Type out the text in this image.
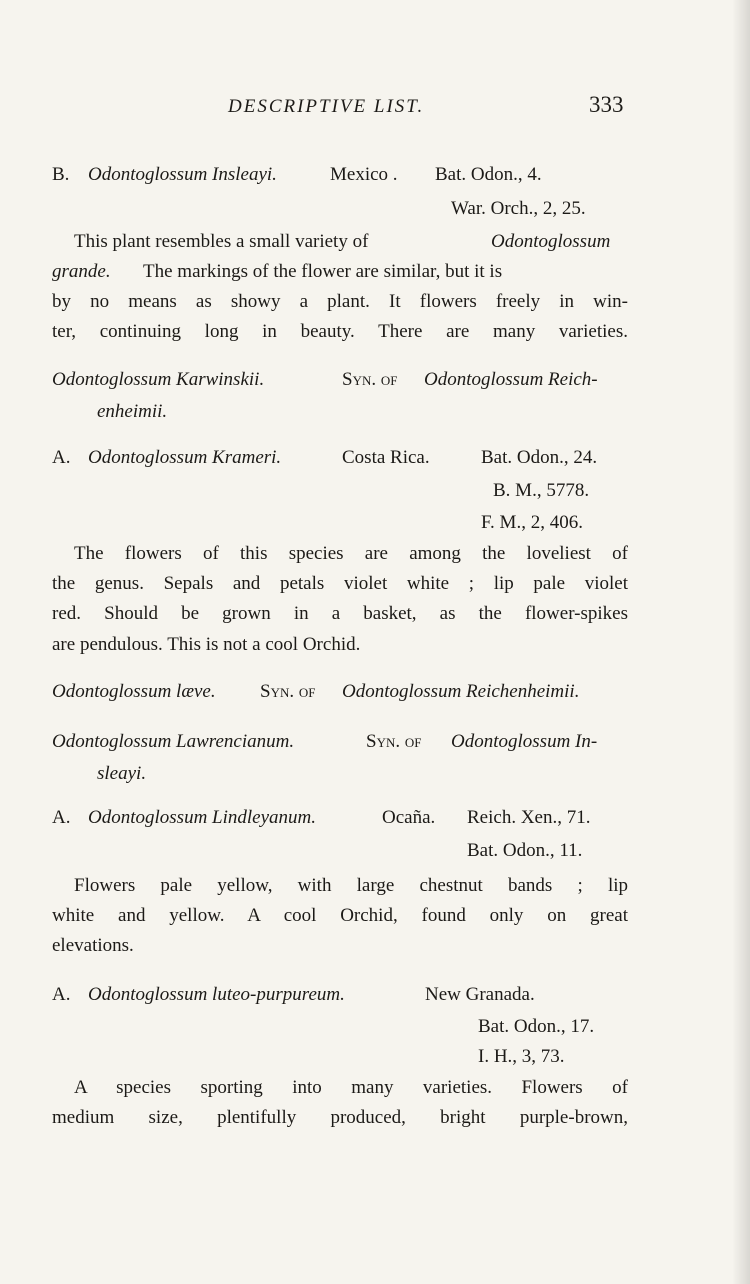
DESCRIPTIVE LIST.	333
B. Odontoglossum Insleayi.	Mexico . Bat. Odon., 4.
War. Orch., 2, 25.
This plant resembles a small variety of	Odontoglossum
grande. The markings of the flower are similar, but it is
by no means as showy a plant. It flowers freely in win-
ter, continuing long in beauty. There are many varieties.
Odontoglossum Karwinskii.	Syn. of Odontoglossum Reich-
enheimii.
A. Odontoglossum Krameri.	Costa Rica.	Bat. Odon., 24.
B. M., 5778.
F. M., 2, 406.
The flowers of this species are among the loveliest of
the genus. Sepals and petals violet white ; lip pale violet
red. Should be grown in a basket, as the flower-spikes
are pendulous. This is not a cool Orchid.
Odontoglossum læve. Syn. of Odontoglossum Reichenheimii.
Odontoglossum Lawrencianum.	Syn. of Odontoglossum In-
sleayi.
A. Odontoglossum Lindleyanum.	Ocaña. Reich. Xen., 71.
Bat. Odon., 11.
Flowers pale yellow, with large chestnut bands ; lip
white and yellow. A cool Orchid, found only on great
elevations.
A. Odontoglossum luteo-purpureum.	New Granada.
Bat. Odon., 17.
I. H., 3, 73.
A species sporting into many varieties. Flowers of
medium size, plentifully produced, bright purple-brown,
